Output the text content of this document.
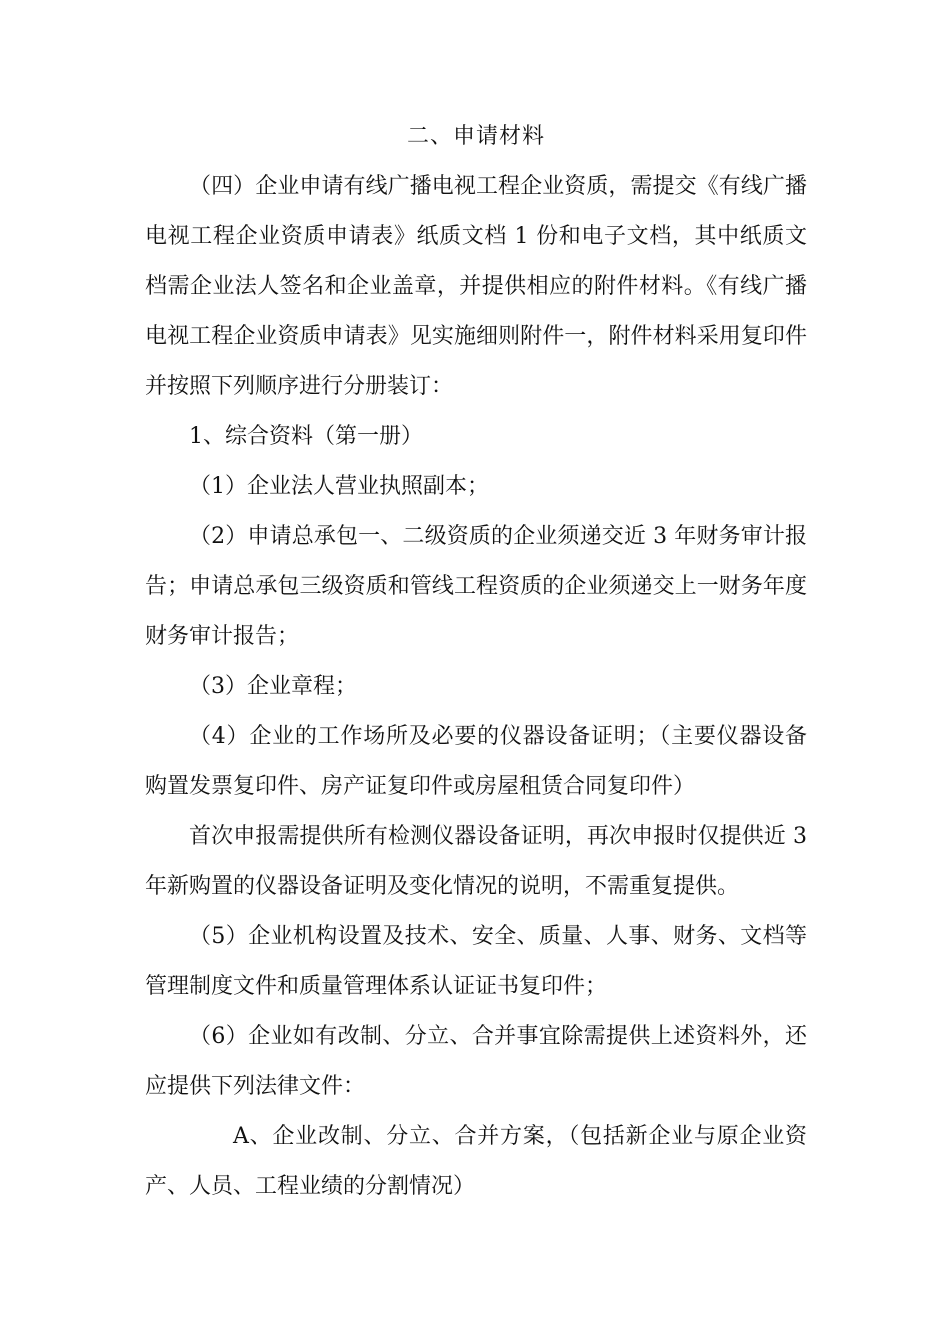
二、申请材料

（四）企业申请有线广播电视工程企业资质，需提交《有线广播电视工程企业资质申请表》纸质文档 1 份和电子文档，其中纸质文档需企业法人签名和企业盖章，并提供相应的附件材料。《有线广播电视工程企业资质申请表》见实施细则附件一，附件材料采用复印件并按照下列顺序进行分册装订：

1、综合资料（第一册）

（1）企业法人营业执照副本；

（2）申请总承包一、二级资质的企业须递交近 3 年财务审计报告；申请总承包三级资质和管线工程资质的企业须递交上一财务年度财务审计报告；

（3）企业章程；

（4）企业的工作场所及必要的仪器设备证明；（主要仪器设备购置发票复印件、房产证复印件或房屋租赁合同复印件）

首次申报需提供所有检测仪器设备证明，再次申报时仅提供近 3 年新购置的仪器设备证明及变化情况的说明，不需重复提供。

（5）企业机构设置及技术、安全、质量、人事、财务、文档等管理制度文件和质量管理体系认证证书复印件；

（6）企业如有改制、分立、合并事宜除需提供上述资料外，还应提供下列法律文件：

A、企业改制、分立、合并方案，（包括新企业与原企业资产、人员、工程业绩的分割情况）
